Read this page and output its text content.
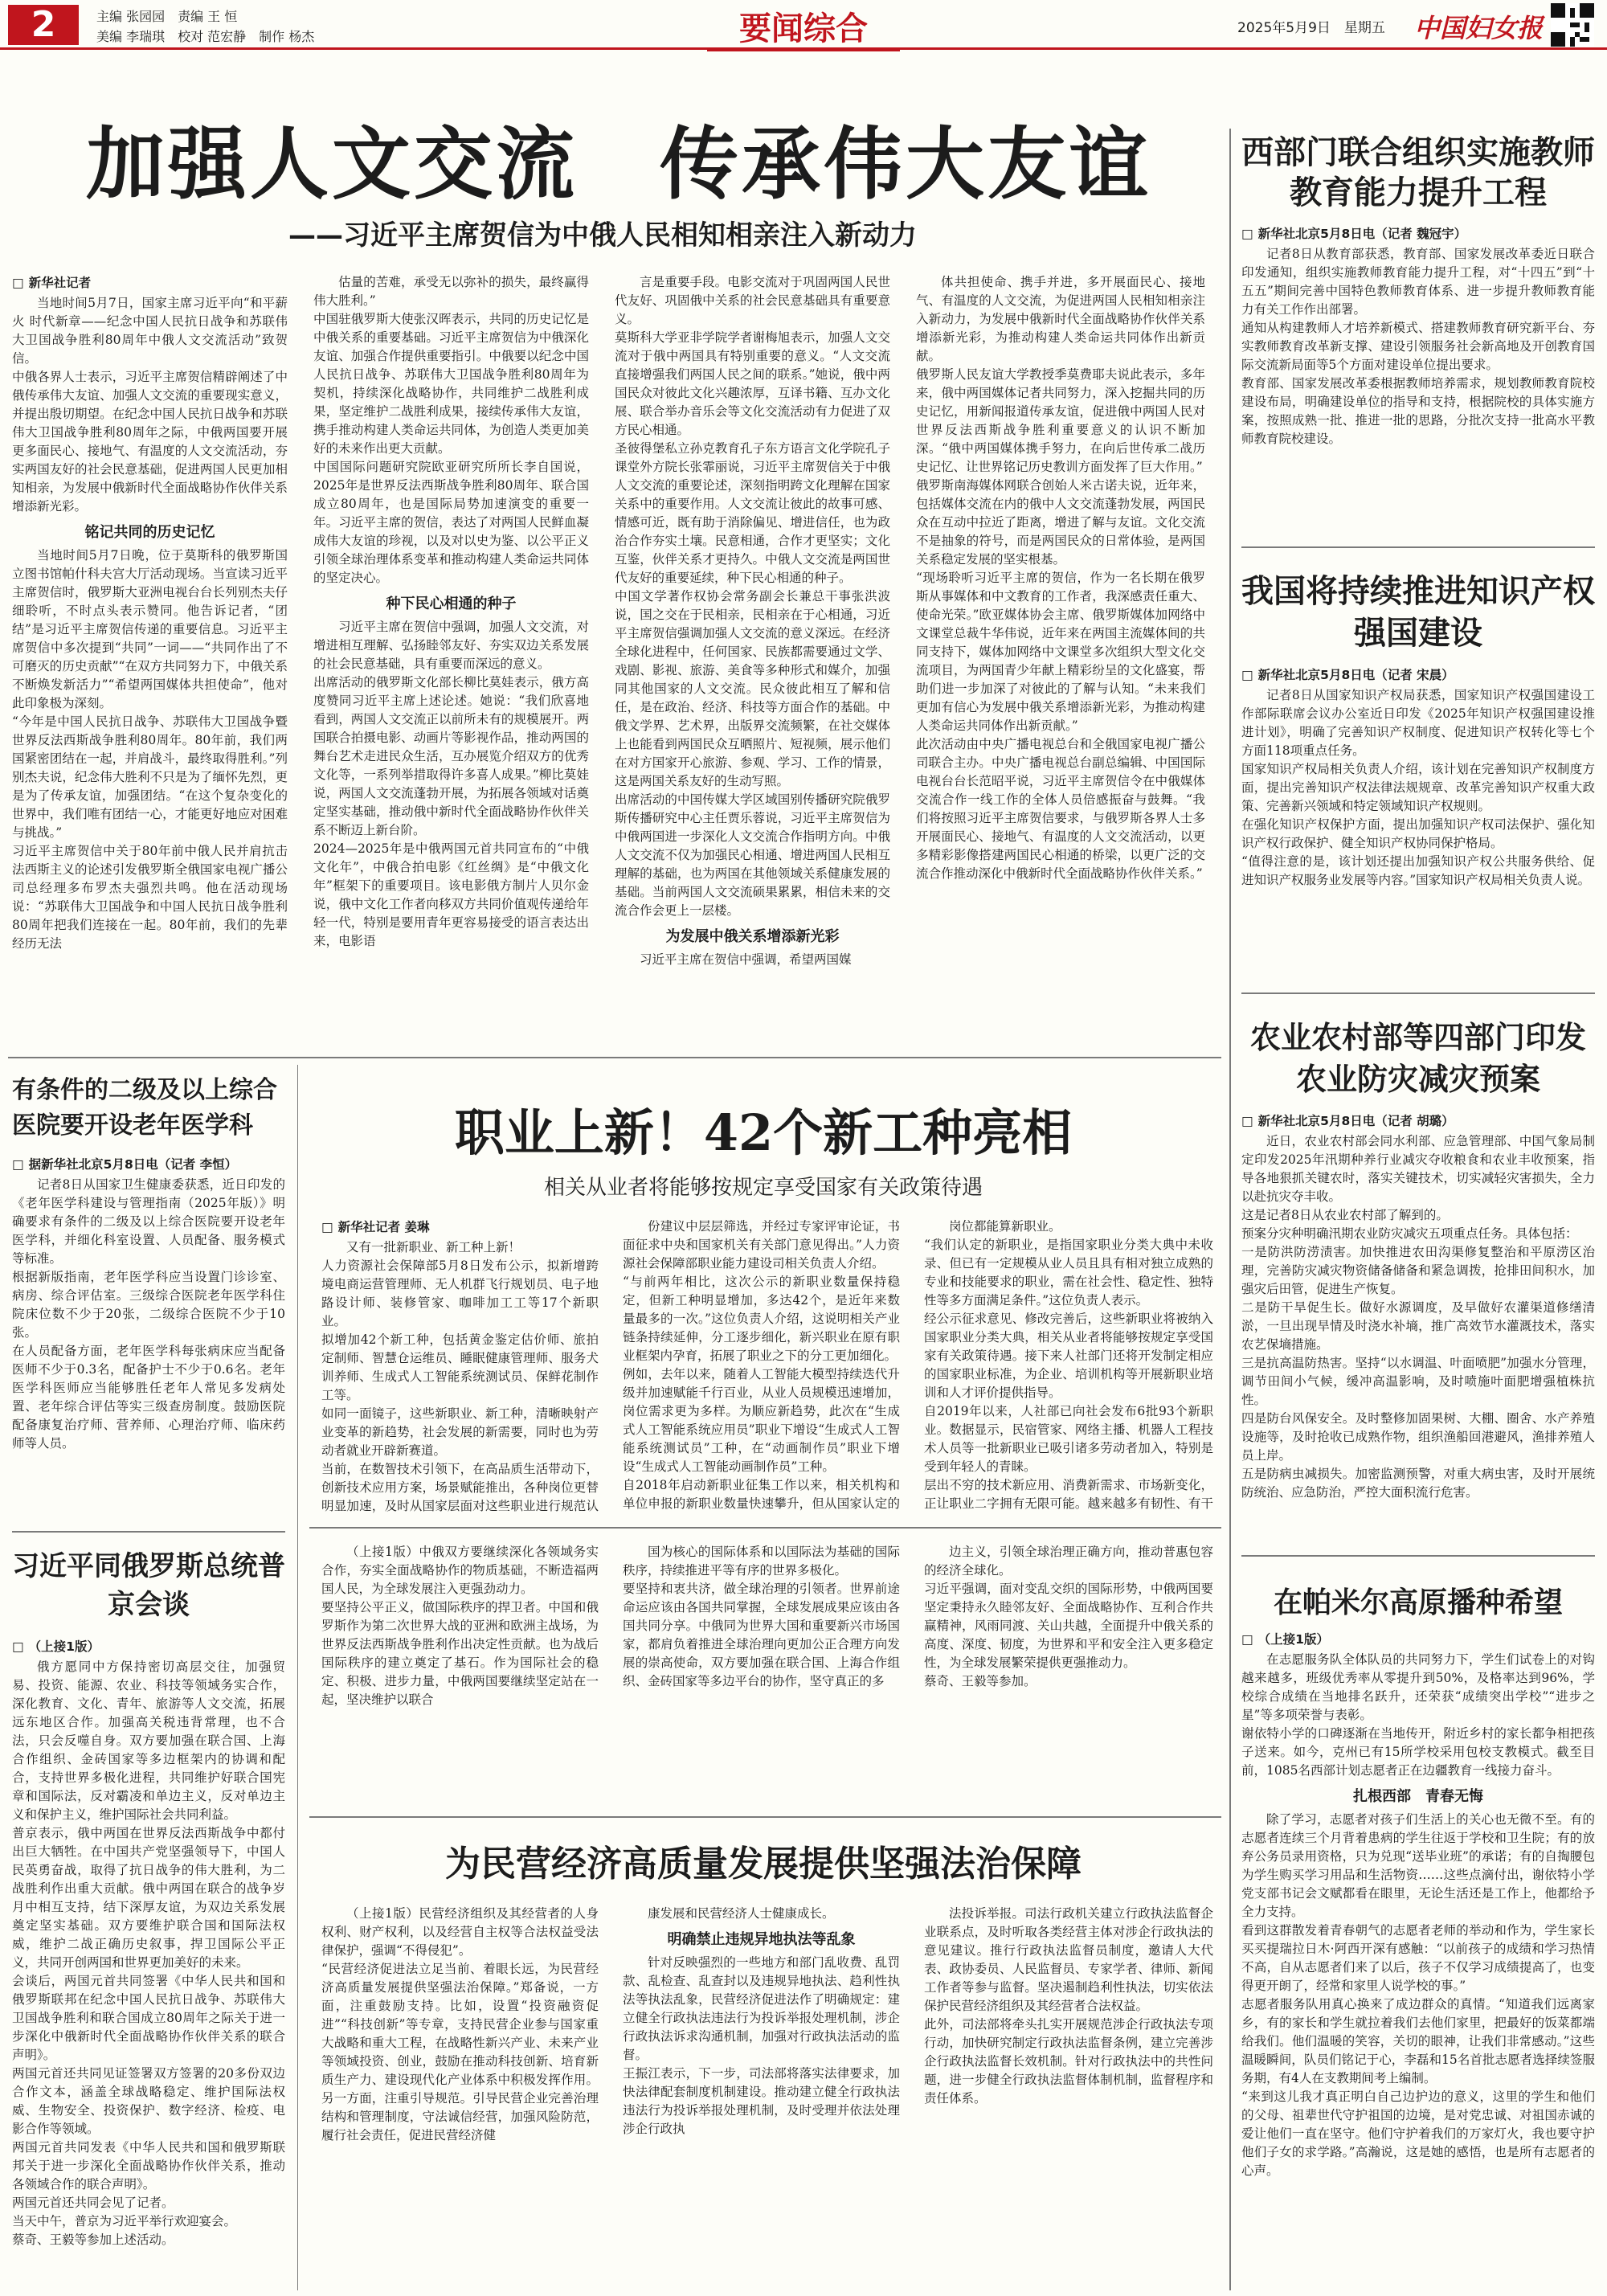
2	主编 张园园　责编 王 恒
美编 李瑞琪　校对 范宏静　制作 杨杰	要闻综合	2025年5月9日　星期五 中国妇女报
加强人文交流　传承伟大友谊
——习近平主席贺信为中俄人民相知相亲注入新动力
□ 新华社记者
当地时间5月7日，国家主席习近平向“和平薪火 时代新章——纪念中国人民抗日战争和苏联伟大卫国战争胜利80周年中俄人文交流活动”致贺信。
中俄各界人士表示，习近平主席贺信精辟阐述了中俄传承伟大友谊、加强人文交流的重要现实意义，并提出殷切期望。在纪念中国人民抗日战争和苏联伟大卫国战争胜利80周年之际，中俄两国要开展更多面民心、接地气、有温度的人文交流活动，夯实两国友好的社会民意基础，促进两国人民更加相知相亲，为发展中俄新时代全面战略协作伙伴关系增添新光彩。
铭记共同的历史记忆
当地时间5月7日晚，位于莫斯科的俄罗斯国立图书馆帕什科夫宫大厅活动现场。当宣读习近平主席贺信时，俄罗斯大亚洲电视台台长列别杰夫仔细聆听，不时点头表示赞同。他告诉记者，“团结”是习近平主席贺信传递的重要信息。习近平主席贺信中多次提到“共同”一词——“共同作出了不可磨灭的历史贡献”“在双方共同努力下，中俄关系不断焕发新活力”“希望两国媒体共担使命”，他对此印象极为深刻。
“今年是中国人民抗日战争、苏联伟大卫国战争暨世界反法西斯战争胜利80周年。80年前，我们两国紧密团结在一起，并肩战斗，最终取得胜利。”列别杰夫说，纪念伟大胜利不只是为了缅怀先烈，更是为了传承友谊，加强团结。“在这个复杂变化的世界中，我们唯有团结一心，才能更好地应对困难与挑战。”
习近平主席贺信中关于80年前中俄人民并肩抗击法西斯主义的论述引发俄罗斯全俄国家电视广播公司总经理多布罗杰夫强烈共鸣。他在活动现场说：“苏联伟大卫国战争和中国人民抗日战争胜利80周年把我们连接在一起。80年前，我们的先辈经历无法
估量的苦难，承受无以弥补的损失，最终赢得伟大胜利。”
中国驻俄罗斯大使张汉晖表示，共同的历史记忆是中俄关系的重要基础。习近平主席贺信为中俄深化友谊、加强合作提供重要指引。中俄要以纪念中国人民抗日战争、苏联伟大卫国战争胜利80周年为契机，持续深化战略协作，共同维护二战胜利成果，坚定维护二战胜利成果，接续传承伟大友谊，携手推动构建人类命运共同体，为创造人类更加美好的未来作出更大贡献。
中国国际问题研究院欧亚研究所所长李自国说，2025年是世界反法西斯战争胜利80周年、联合国成立80周年，也是国际局势加速演变的重要一年。习近平主席的贺信，表达了对两国人民鲜血凝成伟大友谊的珍视，以及对以史为鉴、以公平正义引领全球治理体系变革和推动构建人类命运共同体的坚定决心。
种下民心相通的种子
习近平主席在贺信中强调，加强人文交流，对增进相互理解、弘扬睦邻友好、夯实双边关系发展的社会民意基础，具有重要而深远的意义。
出席活动的俄罗斯文化部长柳比莫娃表示，俄方高度赞同习近平主席上述论述。她说：“我们欣喜地看到，两国人文交流正以前所未有的规模展开。两国联合拍摄电影、动画片等影视作品，推动两国的舞台艺术走进民众生活，互办展览介绍双方的优秀文化等，一系列举措取得许多喜人成果。”柳比莫娃说，两国人文交流蓬勃开展，为拓展各领域对话奠定坚实基础，推动俄中新时代全面战略协作伙伴关系不断迈上新台阶。
2024—2025年是中俄两国元首共同宣布的“中俄文化年”，中俄合拍电影《红丝绸》是“中俄文化年”框架下的重要项目。该电影俄方制片人贝尔金说，俄中文化工作者向移双方共同价值观传递给年轻一代，特别是要用青年更容易接受的语言表达出来，电影语
言是重要手段。电影交流对于巩固两国人民世代友好、巩固俄中关系的社会民意基础具有重要意义。
莫斯科大学亚非学院学者谢梅旭表示，加强人文交流对于俄中两国具有特别重要的意义。“人文交流直接增强我们两国人民之间的联系。”她说，俄中两国民众对彼此文化兴趣浓厚，互译书籍、互办文化展、联合举办音乐会等文化交流活动有力促进了双方民心相通。
圣彼得堡私立孙克教育孔子东方语言文化学院孔子课堂外方院长张霏丽说，习近平主席贺信关于中俄人文交流的重要论述，深刻指明跨文化理解在国家关系中的重要作用。人文交流让彼此的故事可感、情感可近，既有助于消除偏见、增进信任，也为政治合作夯实土壤。民意相通，合作才更坚实；文化互鉴，伙伴关系才更持久。中俄人文交流是两国世代友好的重要延续，种下民心相通的种子。
中国文学著作权协会常务副会长兼总干事张洪波说，国之交在于民相亲，民相亲在于心相通，习近平主席贺信强调加强人文交流的意义深远。在经济全球化进程中，任何国家、民族都需要通过文学、戏剧、影视、旅游、美食等多种形式和媒介，加强同其他国家的人文交流。民众彼此相互了解和信任，是在政治、经济、科技等方面合作的基础。中俄文学界、艺术界，出版界交流频繁，在社交媒体上也能看到两国民众互晒照片、短视频，展示他们在对方国家开心旅游、参观、学习、工作的情景，这是两国关系友好的生动写照。
出席活动的中国传媒大学区域国别传播研究院俄罗斯传播研究中心主任贾乐蓉说，习近平主席贺信为中俄两国进一步深化人文交流合作指明方向。中俄人文交流不仅为加强民心相通、增进两国人民相互理解的基础，也为两国在其他领域关系健康发展的基础。当前两国人文交流硕果累累，相信未来的交流合作会更上一层楼。
为发展中俄关系增添新光彩
习近平主席在贺信中强调，希望两国媒
体共担使命、携手并进，多开展面民心、接地气、有温度的人文交流，为促进两国人民相知相亲注入新动力，为发展中俄新时代全面战略协作伙伴关系增添新光彩，为推动构建人类命运共同体作出新贡献。
俄罗斯人民友谊大学教授季莫费耶夫说此表示，多年来，俄中两国媒体记者共同努力，深入挖掘共同的历史记忆，用新闻报道传承友谊，促进俄中两国人民对世界反法西斯战争胜利重要意义的认识不断加深。“俄中两国媒体携手努力，在向后世传承二战历史记忆、让世界铭记历史教训方面发挥了巨大作用。”
俄罗斯南海媒体网联合创始人米古诺夫说，近年来，包括媒体交流在内的俄中人文交流蓬勃发展，两国民众在互动中拉近了距离，增进了解与友谊。文化交流不是抽象的符号，而是两国民众的日常体验，是两国关系稳定发展的坚实根基。
“现场聆听习近平主席的贺信，作为一名长期在俄罗斯从事媒体和中文教育的工作者，我深感责任重大、使命光荣。”欧亚媒体协会主席、俄罗斯媒体加网络中文课堂总裁牛华伟说，近年来在两国主流媒体间的共同支持下，媒体加网络中文课堂多次组织大型文化交流项目，为两国青少年献上精彩纷呈的文化盛宴，帮助们进一步加深了对彼此的了解与认知。“未来我们更加有信心为发展中俄关系增添新光彩，为推动构建人类命运共同体作出新贡献。”
此次活动由中央广播电视总台和全俄国家电视广播公司联合主办。中央广播电视总台副总编辑、中国国际电视台台长范昭平说，习近平主席贺信令在中俄媒体交流合作一线工作的全体人员倍感振奋与鼓舞。“我们将按照习近平主席贺信要求，与俄罗斯各界人士多开展面民心、接地气、有温度的人文交流活动，以更多精彩影像搭建两国民心相通的桥梁，以更广泛的交流合作推动深化中俄新时代全面战略协作伙伴关系。”
西部门联合组织实施教师教育能力提升工程
□ 新华社北京5月8日电（记者 魏冠宇）
记者8日从教育部获悉，教育部、国家发展改革委近日联合印发通知，组织实施教师教育能力提升工程，对“十四五”到“十五五”期间完善中国特色教师教育体系、进一步提升教师教育能力有关工作作出部署。
通知从构建教师人才培养新模式、搭建教师教育研究新平台、夯实教师教育改革新支撑、建设引领服务社会新高地及开创教育国际交流新局面等5个方面对建设单位提出要求。
教育部、国家发展改革委根据教师培养需求，规划教师教育院校建设布局，明确建设单位的指导和支持，根据院校的具体实施方案，按照成熟一批、推进一批的思路，分批次支持一批高水平教师教育院校建设。
我国将持续推进知识产权强国建设
□ 新华社北京5月8日电（记者 宋晨）
记者8日从国家知识产权局获悉，国家知识产权强国建设工作部际联席会议办公室近日印发《2025年知识产权强国建设推进计划》，明确了完善知识产权制度、促进知识产权转化等七个方面118项重点任务。
国家知识产权局相关负责人介绍，该计划在完善知识产权制度方面，提出完善知识产权法律法规规章、改革完善知识产权重大政策、完善新兴领域和特定领域知识产权规则。
在强化知识产权保护方面，提出加强知识产权司法保护、强化知识产权行政保护、健全知识产权协同保护格局。
“值得注意的是，该计划还提出加强知识产权公共服务供给、促进知识产权服务业发展等内容。”国家知识产权局相关负责人说。
农业农村部等四部门印发农业防灾减灾预案
□ 新华社北京5月8日电（记者 胡璐）
近日，农业农村部会同水利部、应急管理部、中国气象局制定印发2025年汛期种养行业减灾夺收粮食和农业丰收预案，指导各地狠抓关键农时，落实关键技术，切实减轻灾害损失，全力以赴抗灾夺丰收。
这是记者8日从农业农村部了解到的。
预案分灾种明确汛期农业防灾减灾五项重点任务。具体包括：
一是防洪防涝渍害。加快推进农田沟渠修复整治和平原涝区治理，完善防灾减灾物资储备储备和紧急调拨，抢排田间积水，加强灾后田管，促进生产恢复。
二是防干旱促生长。做好水源调度，及早做好农灌渠道修缮清淤，一旦出现旱情及时浇水补墒，推广高效节水灌溉技术，落实农艺保墒措施。
三是抗高温防热害。坚持“以水调温、叶面喷肥”加强水分管理，调节田间小气候，缓冲高温影响，及时喷施叶面肥增强植株抗性。
四是防台风保安全。及时整修加固果树、大棚、圈舍、水产养殖设施等，及时抢收已成熟作物，组织渔船回港避风，渔排养殖人员上岸。
五是防病虫减损失。加密监测预警，对重大病虫害，及时开展统防统治、应急防治，严控大面积流行危害。
在帕米尔高原播种希望
□ （上接1版）
在志愿服务队全体队员的共同努力下，学生们试卷上的对钩越来越多，班级优秀率从零提升到50%，及格率达到96%，学校综合成绩在当地排名跃升，还荣获“成绩突出学校”“进步之星”等多项荣誉与表彰。
谢依特小学的口碑逐渐在当地传开，附近乡村的家长都争相把孩子送来。如今，克州已有15所学校采用包校支教模式。截至目前，1085名西部计划志愿者正在边疆教育一线接力奋斗。
扎根西部　青春无悔
除了学习，志愿者对孩子们生活上的关心也无微不至。有的志愿者连续三个月背着患病的学生往返于学校和卫生院；有的放弃公务员录用资格，只为兑现“送毕业班”的承诺；有的自掏腰包为学生购买学习用品和生活物资……这些点滴付出，谢依特小学党支部书记会文赋都看在眼里，无论生活还是工作上，他都给予全力支持。
看到这群散发着青春朝气的志愿者老师的举动和作为，学生家长买买提瑞拉日木·阿西开深有感触：“以前孩子的成绩和学习热情不高，自从志愿者们来了以后，孩子不仅学习成绩提高了，也变得更开朗了，经常和家里人说学校的事。”
志愿者服务队用真心换来了成边群众的真情。“知道我们远离家乡，有的家长和学生就拉着我们去他们家里，把最好的饭菜都端给我们。他们温暖的笑容，关切的眼神，让我们非常感动。”这些温暖瞬间，队员们铭记于心，李磊和15名首批志愿者选择续签服务期，有4人在支教期间考上编制。
“来到这儿我才真正明白自己边护边的意义，这里的学生和他们的父母、祖辈世代守护祖国的边境，是对党忠诚、对祖国赤诚的爱让他们一直在坚守。他们守护着我们的万家灯火，我也要守护他们子女的求学路。”高瀚说，这是她的感悟，也是所有志愿者的心声。
有条件的二级及以上综合医院要开设老年医学科
□ 据新华社北京5月8日电（记者 李恒）
记者8日从国家卫生健康委获悉，近日印发的《老年医学科建设与管理指南（2025年版）》明确要求有条件的二级及以上综合医院要开设老年医学科，并细化科室设置、人员配备、服务模式等标准。
根据新版指南，老年医学科应当设置门诊诊室、病房、综合评估室。三级综合医院老年医学科住院床位数不少于20张，二级综合医院不少于10张。
在人员配备方面，老年医学科每张病床应当配备医师不少于0.3名，配备护士不少于0.6名。老年医学科医师应当能够胜任老年人常见多发病处置、老年综合评估等实三级查房制度。鼓励医院配备康复治疗师、营养师、心理治疗师、临床药师等人员。
习近平同俄罗斯总统普京会谈
□ （上接1版）
俄方愿同中方保持密切高层交往，加强贸易、投资、能源、农业、科技等领域务实合作，深化教育、文化、青年、旅游等人文交流，拓展远东地区合作。加强高关税违背常理，也不合法，只会反噬自身。双方要加强在联合国、上海合作组织、金砖国家等多边框架内的协调和配合，支持世界多极化进程，共同维护好联合国宪章和国际法，反对霸凌和单边主义，反对单边主义和保护主义，维护国际社会共同利益。
普京表示，俄中两国在世界反法西斯战争中都付出巨大牺牲。在中国共产党坚强领导下，中国人民英勇奋战，取得了抗日战争的伟大胜利，为二战胜利作出重大贡献。俄中两国在联合的战争岁月中相互支持，结下深厚友谊，为双边关系发展奠定坚实基础。双方要维护联合国和国际法权威，维护二战正确历史叙事，捍卫国际公平正义，共同开创两国和世界更加美好的未来。
会谈后，两国元首共同签署《中华人民共和国和俄罗斯联邦在纪念中国人民抗日战争、苏联伟大卫国战争胜利和联合国成立80周年之际关于进一步深化中俄新时代全面战略协作伙伴关系的联合声明》。
两国元首还共同见证签署双方签署的20多份双边合作文本，涵盖全球战略稳定、维护国际法权威、生物安全、投资保护、数字经济、检疫、电影合作等领域。
两国元首共同发表《中华人民共和国和俄罗斯联邦关于进一步深化全面战略协作伙伴关系，推动各领域合作的联合声明》。
两国元首还共同会见了记者。
当天中午，普京为习近平举行欢迎宴会。
蔡奇、王毅等参加上述活动。
职业上新！42个新工种亮相
相关从业者将能够按规定享受国家有关政策待遇
□ 新华社记者 姜琳
又有一批新职业、新工种上新！
人力资源社会保障部5月8日发布公示，拟新增跨境电商运营管理师、无人机群飞行规划员、电子地路设计师、装修管家、咖啡加工工等17个新职业。
拟增加42个新工种，包括黄金鉴定估价师、旅拍定制师、智慧仓运维员、睡眠健康管理师、服务犬训养师、生成式人工智能系统测试员、保鲜花制作工等。
如同一面镜子，这些新职业、新工种，清晰映射产业变革的新趋势，社会发展的新需要，同时也为劳动者就业开辟新赛道。
当前，在数智技术引领下，在高品质生活带动下，创新技术应用方案，场景赋能推出，各种岗位更替明显加速，及时从国家层面对这些职业进行规范认

份建议中层层筛选，并经过专家评审论证，书面征求中央和国家机关有关部门意见得出。”人力资源社会保障部职业能力建设司相关负责人介绍。
“与前两年相比，这次公示的新职业数量保持稳定，但新工种明显增加，多达42个，是近年来数量最多的一次。”这位负责人介绍，这说明相关产业链条持续延伸，分工逐步细化，新兴职业在原有职业框架内孕育，拓展了职业之下的分工更加细化。
例如，去年以来，随着人工智能大模型持续迭代升级并加速赋能千行百业，从业人员规模迅速增加，岗位需求更为多样。为顺应新趋势，此次在“生成式人工智能系统应用员”职业下增设“生成式人工智能系统测试员”工种，在“动画制作员”职业下增设“生成式人工智能动画制作员”工种。
自2018年启动新职业征集工作以来，相关机构和单位申报的新职业数量快速攀升，但从国家认定的
岗位都能算新职业。
“我们认定的新职业，是指国家职业分类大典中未收录、但已有一定规模从业人员且具有相对独立成熟的专业和技能要求的职业，需在社会性、稳定性、独特性等多方面满足条件。”这位负责人表示。
经公示征求意见、修改完善后，这些新职业将被纳入国家职业分类大典，相关从业者将能够按规定享受国家有关政策待遇。接下来人社部门还将开发制定相应的国家职业标准，为企业、培训机构等开展新职业培训和人才评价提供指导。
自2019年以来，人社部已向社会发布6批93个新职业。数据显示，民宿管家、网络主播、机器人工程技术人员等一批新职业已吸引诸多劳动者加入，特别是受到年轻人的青睐。
层出不穷的技术新应用、消费新需求、市场新变化，正让职业二字拥有无限可能。越来越多有韧性、有干
（上接1版）中俄双方要继续深化各领域务实合作，夯实全面战略协作的物质基础，不断造福两国人民，为全球发展注入更强劲动力。
要坚持公平正义，做国际秩序的捍卫者。中国和俄罗斯作为第二次世界大战的亚洲和欧洲主战场，为世界反法西斯战争胜利作出决定性贡献。也为战后国际秩序的建立奠定了基石。作为国际社会的稳定、积极、进步力量，中俄两国要继续坚定站在一起，坚决维护以联合
国为核心的国际体系和以国际法为基础的国际秩序，持续推进平等有序的世界多极化。
要坚持和衷共济，做全球治理的引领者。世界前途命运应该由各国共同掌握，全球发展成果应该由各国共同分享。中俄同为世界大国和重要新兴市场国家，都肩负着推进全球治理向更加公正合理方向发展的崇高使命，双方要加强在联合国、上海合作组织、金砖国家等多边平台的协作，坚守真正的多
边主义，引领全球治理正确方向，推动普惠包容的经济全球化。
习近平强调，面对变乱交织的国际形势，中俄两国要坚定秉持永久睦邻友好、全面战略协作、互利合作共赢精神，风雨同渡、关山共越，全面提升中俄关系的高度、深度、韧度，为世界和平和安全注入更多稳定性，为全球发展繁荣提供更强推动力。
蔡奇、王毅等参加。
为民营经济高质量发展提供坚强法治保障
（上接1版）民营经济组织及其经营者的人身权利、财产权利，以及经营自主权等合法权益受法律保护，强调“不得侵犯”。
“民营经济促进法立足当前、着眼长远，为民营经济高质量发展提供坚强法治保障。”郑备说，一方面，注重鼓励支持。比如，设置“投资融资促进”“科技创新”等专章，支持民营企业参与国家重大战略和重大工程，在战略性新兴产业、未来产业等领域投资、创业，鼓励在推动科技创新、培育新质生产力、建设现代化产业体系中积极发挥作用。另一方面，注重引导规范。引导民营企业完善治理结构和管理制度，守法诚信经营，加强风险防范，履行社会责任，促进民营经济健
康发展和民营经济人士健康成长。
明确禁止违规异地执法等乱象
针对反映强烈的一些地方和部门乱收费、乱罚款、乱检查、乱查封以及违规异地执法、趋利性执法等执法乱象，民营经济促进法作了明确规定：建立健全行政执法违法行为投诉举报处理机制，涉企行政执法诉求沟通机制，加强对行政执法活动的监督。
王振江表示，下一步，司法部将落实法律要求，加快法律配套制度机制建设。推动建立健全行政执法违法行为投诉举报处理机制，及时受理并依法处理涉企行政执
法投诉举报。司法行政机关建立行政执法监督企业联系点，及时听取各类经营主体对涉企行政执法的意见建议。推行行政执法监督员制度，邀请人大代表、政协委员、人民监督员、专家学者、律师、新闻工作者等参与监督。坚决遏制趋利性执法，切实依法保护民营经济组织及其经营者合法权益。
此外，司法部将牵头扎实开展规范涉企行政执法专项行动，加快研究制定行政执法监督条例，建立完善涉企行政执法监督长效机制。针对行政执法中的共性问题，进一步健全行政执法监督体制机制，监督程序和责任体系。
